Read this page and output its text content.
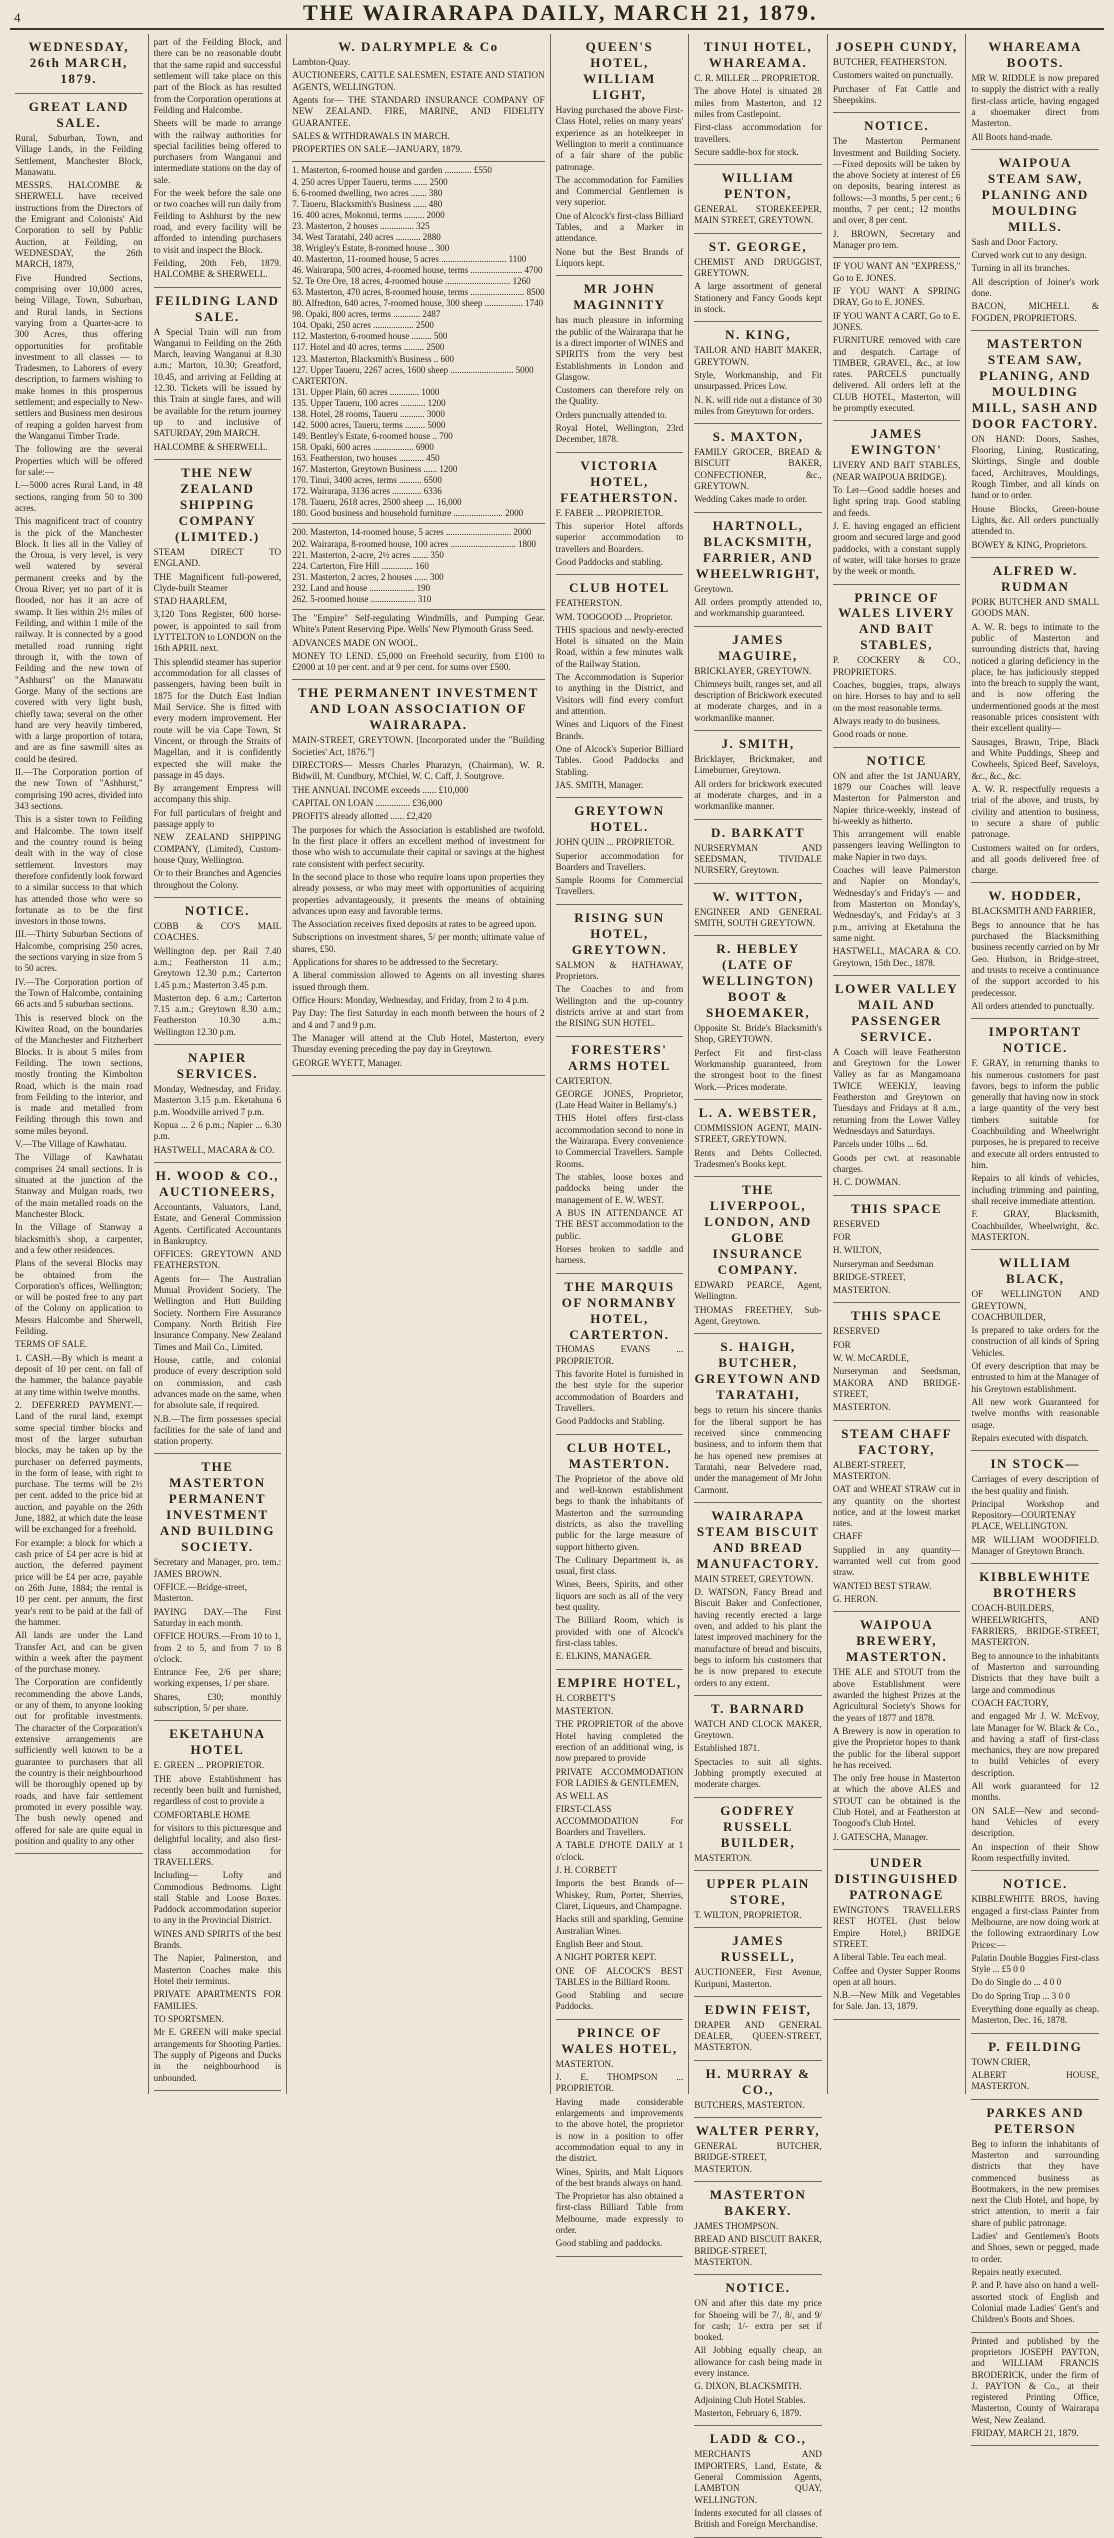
4	THE WAIRARAPA DAILY, MARCH 21, 1879.
WEDNESDAY, 26th MARCH, 1879.
GREAT LAND SALE.

Rural, Suburban, Town, and Village Lands, in the Feilding Settlement, Manchester Block, Manawatu.

MESSRS. HALCOMBE & SHERWELL have received instructions from the Directors of the Emigrant and Colonists' Aid Corporation to sell by Public Auction, at Feilding, on WEDNESDAY, the 26th MARCH, 1879,

Five Hundred Sections, comprising over 10,000 acres, being Village, Town, Suburban, and Rural lands, in Sections varying from a Quarter-acre to 300 Acres, thus offering opportunities for profitable investment to all classes — to Tradesmen, to Laborers of every description, to farmers wishing to make homes in this prosperous settlement; and especially to New-settlers and Business men desirous of reaping a golden harvest from the Wanganui Timber Trade.

The following are the several Properties which will be offered for sale:—

I.—5000 acres Rural Land, in 48 sections, ranging from 50 to 300 acres.

This magnificent tract of country is the pick of the Manchester Block. It lies all in the Valley of the Oroua, is very level, is very well watered by several permanent creeks and by the Oroua River; yet no part of it is flooded, nor has it an acre of swamp. It lies within 2½ miles of Feilding, and within 1 mile of the railway. It is connected by a good metalled road running right through it, with the town of Feilding and the new town of "Ashhurst" on the Manawatu Gorge. Many of the sections are covered with very light bush, chiefly tawa; several on the other hand are very heavily timbered, with a large proportion of totara, and are as fine sawmill sites as could be desired.

II.—The Corporation portion of the new Town of "Ashhurst," comprising 190 acres, divided into 343 sections.

This is a sister town to Feilding and Halcombe. The town itself and the country round is being dealt with in the way of close settlement. Investors may therefore confidently look forward to a similar success to that which has attended those who were so fortunate as to be the first investors in those towns.

III.—Thirty Suburban Sections of Halcombe, comprising 250 acres, the sections varying in size from 5 to 50 acres.

IV.—The Corporation portion of the Town of Halcombe, containing 66 acts and 5 suburban sections.

This is reserved block on the Kiwitea Road, on the boundaries of the Manchester and Fitzherbert Blocks. It is about 5 miles from Feilding. The town sections, mostly fronting the Kimbolton Road, which is the main road from Feilding to the interior, and is made and metalled from Feilding through this town and some miles beyond.

V.—The Village of Kawhatau.

The Village of Kawhatau comprises 24 small sections. It is situated at the junction of the Stanway and Mulgan roads, two of the main metalled roads on the Manchester Block.

In the Village of Stanway a blacksmith's shop, a carpenter, and a few other residences.

Plans of the several Blocks may be obtained from the Corporation's offices, Wellington; or will be posted free to any part of the Colony on application to Messrs Halcombe and Sherwell, Feilding.

TERMS OF SALE.

1. CASH.—By which is meant a deposit of 10 per cent. on fall of the hammer, the balance payable at any time within twelve months.

2. DEFERRED PAYMENT.—Land of the rural land, exempt some special timber blocks and most of the larger suburban blocks, may be taken up by the purchaser on deferred payments, in the form of lease, with right to purchase. The terms will be 2½ per cent. added to the price bid at auction, and payable on the 26th June, 1882, at which date the lease will be exchanged for a freehold.

For example: a block for which a cash price of £4 per acre is bid at auction, the deferred payment price will be £4 per acre, payable on 26th June, 1884; the rental is 10 per cent. per annum, the first year's rent to be paid at the fall of the hammer.

All lands are under the Land Transfer Act, and can be given within a week after the payment of the purchase money.

The Corporation are confidently recommending the above Lands, or any of them, to anyone looking out for profitable investments. The character of the Corporation's extensive arrangements are sufficiently well known to be a guarantee to purchasers that all the country is their neighbourhood will be thoroughly opened up by roads, and have fair settlement promoted in every possible way. The bush newly opened and offered for sale are quite equal in position and quality to any other

part of the Feilding Block, and there can be no reasonable doubt that the same rapid and successful settlement will take place on this part of the Block as has resulted from the Corporation operations at Feilding and Halcombe.

Sheets will be made to arrange with the railway authorities for special facilities being offered to purchasers from Wanganui and intermediate stations on the day of sale.

For the week before the sale one or two coaches will run daily from Feilding to Ashhurst by the new road, and every facility will be afforded to intending purchasers to visit and inspect the Block.

Feilding, 20th Feb, 1879. HALCOMBE & SHERWELL.

FEILDING LAND SALE.

A Special Train will run from Wanganui to Feilding on the 26th March, leaving Wanganui at 8.30 a.m.; Marton, 10.30; Greatford, 10.45, and arriving at Feilding at 12.30. Tickets will be issued by this Train at single fares, and will be available for the return journey up to and inclusive of SATURDAY, 29th MARCH.

HALCOMBE & SHERWELL.

THE NEW ZEALAND SHIPPING COMPANY (LIMITED.)

STEAM DIRECT TO ENGLAND.

THE Magnificent full-powered, Clyde-built Steamer

STAD HAARLEM,

3,120 Tons Register, 600 horse-power, is appointed to sail from LYTTELTON to LONDON on the 16th APRIL next.

This splendid steamer has superior accommodation for all classes of passengers, having been built in 1875 for the Dutch East Indian Mail Service. She is fitted with every modern improvement. Her route will be via Cape Town, St Vincent, or through the Straits of Magellan, and it is confidently expected she will make the passage in 45 days.

By arrangement Empress will accompany this ship.

For full particulars of freight and passage apply to

NEW ZEALAND SHIPPING COMPANY, (Limited), Custom-house Quay, Wellington.

Or to their Branches and Agencies throughout the Colony.

NOTICE.

COBB & CO'S MAIL COACHES.

Wellington dep. per Rail 7.40 a.m.; Featherston 11 a.m.; Greytown 12.30 p.m.; Carterton 1.45 p.m.; Masterton 3.45 p.m.

Masterton dep. 6 a.m.; Carterton 7.15 a.m.; Greytown 8.30 a.m.; Featherston 10.30 a.m.; Wellington 12.30 p.m.

NAPIER SERVICES.

Monday, Wednesday, and Friday. Masterton 3.15 p.m. Eketahuna 6 p.m. Woodville arrived 7 p.m.

Kopua ... 2 6 p.m.; Napier ... 6.30 p.m.

HASTWELL, MACARA & CO.

H. WOOD & CO., AUCTIONEERS,

Accountants, Valuators, Land, Estate, and General Commission Agents. Certificated Accountants in Bankruptcy.

OFFICES: GREYTOWN AND FEATHERSTON.

Agents for— The Australian Mutual Provident Society. The Wellington and Hutt Building Society. Northern Fire Assurance Company. North British Fire Insurance Company. New Zealand Times and Mail Co., Limited.

House, cattle, and colonial produce of every description sold on commission, and cash advances made on the same, when for absolute sale, if required.

N.B.—The firm possesses special facilities for the sale of land and station property.

THE MASTERTON PERMANENT INVESTMENT AND BUILDING SOCIETY.

Secretary and Manager, pro. tem.: JAMES BROWN.

OFFICE.—Bridge-street, Masterton.

PAYING DAY.—The First Saturday in each month.

OFFICE HOURS.—From 10 to 1, from 2 to 5, and from 7 to 8 o'clock.

Entrance Fee, 2/6 per share; working expenses, 1/ per share.

Shares, £30; monthly subscription, 5/ per share.

EKETAHUNA HOTEL

E. GREEN ... PROPRIETOR.

THE above Establishment has recently been built and furnished, regardless of cost to provide a

COMFORTABLE HOME

for visitors to this picturesque and delightful locality, and also first-class accommodation for TRAVELLERS.

Including— Lofty and Commodious Bedrooms. Light stall Stable and Loose Boxes. Paddock accommodation superior to any in the Provincial District.

WINES AND SPIRITS of the best Brands.

The Napier, Palmerston, and Masterton Coaches make this Hotel their terminus.

PRIVATE APARTMENTS FOR FAMILIES.

TO SPORTSMEN.

Mr E. GREEN will make special arrangements for Shooting Parties. The supply of Pigeons and Ducks in the neighbourhood is unbounded.

W. DALRYMPLE & Co

Lambton-Quay.

AUCTIONEERS, CATTLE SALESMEN, ESTATE AND STATION AGENTS, WELLINGTON.

Agents for— THE STANDARD INSURANCE COMPANY OF NEW ZEALAND. FIRE, MARINE, AND FIDELITY GUARANTEE.

SALES & WITHDRAWALS IN MARCH.

PROPERTIES ON SALE—JANUARY, 1879.

1. Masterton, 6-roomed house and garden ............ £550
4. 250 acres Upper Taueru, terms ...... 2500
6. 6-roomed dwelling, two acres ....... 380
7. Taueru, Blacksmith's Business ...... 480
16. 400 acres, Mokonui, terms ......... 2000
23. Masterton, 2 houses ............... 325
34. West Taratahi, 240 acres ........... 2880
38. Wrigley's Estate, 8-roomed house .. 300
40. Masterton, 11-roomed house, 5 acres ............................. 1100
46. Wairarapa, 500 acres, 4-roomed house, terms ....................... 4700
52. Te Ore Ore, 18 acres, 4-roomed house ............................. 1260
63. Masterton, 470 acres, 8-roomed house, terms ........................ 8500
80. Alfredton, 640 acres, 7-roomed house, 300 sheep ................. 1740
98. Opaki, 800 acres, terms ............ 2487
104. Opaki, 250 acres .................. 2500
112. Masterton, 6-roomed house ......... 500
117. Hotel and 40 acres, terms ......... 2500
123. Masterton, Blacksmith's Business .. 600
127. Upper Taueru, 2267 acres, 1600 sheep ............................ 5000
CARTERTON.
131. Upper Plain, 60 acres ............. 1000
135. Upper Taueru, 100 acres ........... 1200
138. Hotel, 28 rooms, Taueru ........... 3000
142. 5000 acres, Taueru, terms ......... 5000
149. Bentley's Estate, 6-roomed house .. 700
158. Opaki, 600 acres .................. 6900
163. Featherston, two houses ........... 450
167. Masterton, Greytown Business ...... 1200
170. Tinui, 3400 acres, terms .......... 6500
172. Wairarapa, 3136 acres ............. 6336
178. Taueru, 2618 acres, 2500 sheep .... 16,000
180. Good business and household furniture ...................... 2000
200. Masterton, 14-roomed house, 5 acres ............................. 2000
202. Wairarapa, 8-roomed house, 100 acres ............................. 1800
221. Masterton, 2-acre, 2½ acres ....... 350
224. Carterton, Fire Hill .............. 160
231. Masterton, 2 acres, 2 houses ...... 300
232. Land and house .................... 190
262. 5-roomed house .................... 310

The "Empire" Self-regulating Windmills, and Pumping Gear. White's Patent Reserving Pipe. Wells' New Plymouth Grass Seed.

ADVANCES MADE ON WOOL.

MONEY TO LEND. £5,000 on Freehold security, from £100 to £2000 at 10 per cent. and at 9 per cent. for sums over £500.

THE PERMANENT INVESTMENT AND LOAN ASSOCIATION OF WAIRARAPA.

MAIN-STREET, GREYTOWN. [Incorporated under the "Building Societies' Act, 1876."]

DIRECTORS— Messrs Charles Pharazyn, (Chairman), W. R. Bidwill, M. Cundbury, M'Chiel, W. C. Caff, J. Soutgrove.

THE ANNUAL INCOME exceeds ...... £10,000

CAPITAL ON LOAN ............... £36,000

PROFITS already allotted ...... £2,420

The purposes for which the Association is established are twofold. In the first place it offers an excellent method of investment for those who wish to accumulate their capital or savings at the highest rate consistent with perfect security.

In the second place to those who require loans upon properties they already possess, or who may meet with opportunities of acquiring properties advantageously, it presents the means of obtaining advances upon easy and favorable terms.

The Association receives fixed deposits at rates to be agreed upon.

Subscriptions on investment shares, 5/ per month; ultimate value of shares, £50.

Applications for shares to be addressed to the Secretary.

A liberal commission allowed to Agents on all investing shares issued through them.

Office Hours: Monday, Wednesday, and Friday, from 2 to 4 p.m.

Pay Day: The first Saturday in each month between the hours of 2 and 4 and 7 and 9 p.m.

The Manager will attend at the Club Hotel, Masterton, every Thursday evening preceding the pay day in Greytown.

GEORGE WYETT, Manager.

QUEEN'S HOTEL, WILLIAM LIGHT,

Having purchased the above First-Class Hotel, relies on many years' experience as an hotelkeeper in Wellington to merit a continuance of a fair share of the public patronage.

The accommodation for Families and Commercial Gentlemen is very superior.

One of Alcock's first-class Billiard Tables, and a Marker in attendance.

None but the Best Brands of Liquors kept.

MR JOHN MAGINNITY

has much pleasure in informing the public of the Wairarapa that he is a direct importer of WINES and SPIRITS from the very best Establishments in London and Glasgow.

Customers can therefore rely on the Quality.

Orders punctually attended to.

Royal Hotel, Wellington, 23rd December, 1878.

VICTORIA HOTEL, FEATHERSTON.

F. FABER ... PROPRIETOR.

This superior Hotel affords superior accommodation to travellers and Boarders.

Good Paddocks and stabling.

CLUB HOTEL

FEATHERSTON.

WM. TOOGOOD ... Proprietor.

THIS spacious and newly-erected Hotel is situated on the Main Road, within a few minutes walk of the Railway Station.

The Accommodation is Superior to anything in the District, and Visitors will find every comfort and attention.

Wines and Liquors of the Finest Brands.

One of Alcock's Superior Billiard Tables. Good Paddocks and Stabling.

JAS. SMITH, Manager.

GREYTOWN HOTEL.

JOHN QUIN ... PROPRIETOR.

Superior accommodation for Boarders and Travellers.

Sample Rooms for Commercial Travellers.

RISING SUN HOTEL, GREYTOWN.

SALMON & HATHAWAY, Proprietors.

The Coaches to and from Wellington and the up-country districts arrive at and start from the RISING SUN HOTEL.

FORESTERS' ARMS HOTEL

CARTERTON.

GEORGE JONES, Proprietor, (Late Head Waiter in Bellamy's.)

THIS Hotel offers first-class accommodation second to none in the Wairarapa. Every convenience to Commercial Travellers. Sample Rooms.

The stables, loose boxes and paddocks being under the management of E. W. WEST.

A BUS IN ATTENDANCE AT THE BEST accommodation to the public.

Horses broken to saddle and harness.

THE MARQUIS OF NORMANBY HOTEL, CARTERTON.

THOMAS EVANS ... PROPRIETOR.

This favorite Hotel is furnished in the best style for the superior accommodation of Boarders and Travellers.

Good Paddocks and Stabling.

CLUB HOTEL, MASTERTON.

The Proprietor of the above old and well-known establishment begs to thank the inhabitants of Masterton and the surrounding districts, as also the travelling public for the large measure of support hitherto given.

The Culinary Department is, as usual, first class.

Wines, Beers, Spirits, and other liquors are such as all of the very best quality.

The Billiard Room, which is provided with one of Alcock's first-class tables.

E. ELKINS, MANAGER.

EMPIRE HOTEL,

H. CORBETT'S

MASTERTON.

THE PROPRIETOR of the above Hotel having completed the erection of an additional wing, is now prepared to provide

PRIVATE ACCOMMODATION FOR LADIES & GENTLEMEN,

AS WELL AS

FIRST-CLASS ACCOMMODATION For Boarders and Travellers.

A TABLE D'HOTE DAILY at 1 o'clock.

J. H. CORBETT

Imports the best Brands of— Whiskey, Rum, Porter, Sherries, Claret, Liqueurs, and Champagne.

Hacks still and sparkling, Genuine Australian Wines.

English Beer and Stout.

A NIGHT PORTER KEPT.

ONE OF ALCOCK'S BEST TABLES in the Billiard Room.

Good Stabling and secure Paddocks.

PRINCE OF WALES HOTEL,

MASTERTON.

J. E. THOMPSON ... PROPRIETOR.

Having made considerable enlargements and improvements to the above hotel, the proprietor is now in a position to offer accommodation equal to any in the district.

Wines, Spirits, and Malt Liquors of the best brands always on hand.

The Proprietor has also obtained a first-class Billiard Table from Melbourne, made expressly to order.

Good stabling and paddocks.

TINUI HOTEL, WHAREAMA.

C. R. MILLER ... PROPRIETOR.

The above Hotel is situated 28 miles from Masterton, and 12 miles from Castlepoint.

First-class accommodation for travellers.

Secure saddle-box for stock.

WILLIAM PENTON,

GENERAL STOREKEEPER, MAIN STREET, GREYTOWN.

ST. GEORGE,

CHEMIST AND DRUGGIST, GREYTOWN.

A large assortment of general Stationery and Fancy Goods kept in stock.

N. KING,

TAILOR AND HABIT MAKER, GREYTOWN.

Style, Workmanship, and Fit unsurpassed. Prices Low.

N. K. will ride out a distance of 30 miles from Greytown for orders.

S. MAXTON,

FAMILY GROCER, BREAD & BISCUIT BAKER, CONFECTIONER, &c., GREYTOWN.

Wedding Cakes made to order.

HARTNOLL, BLACKSMITH, FARRIER, AND WHEELWRIGHT,

Greytown.

All orders promptly attended to, and workmanship guaranteed.

JAMES MAGUIRE,

BRICKLAYER, GREYTOWN.

Chimneys built, ranges set, and all description of Brickwork executed at moderate charges, and in a workmanlike manner.

J. SMITH,

Bricklayer, Brickmaker, and Limeburner, Greytown.

All orders for brickwork executed at moderate charges, and in a workmanlike manner.

D. BARKATT

NURSERYMAN AND SEEDSMAN, TIVIDALE NURSERY, Greytown.

W. WITTON,

ENGINEER AND GENERAL SMITH, SOUTH GREYTOWN.

R. HEBLEY (LATE OF WELLINGTON) BOOT & SHOEMAKER,

Opposite St. Bride's Blacksmith's Shop, GREYTOWN.

Perfect Fit and first-class Workmanship guaranteed, from the strongest boot to the finest Work.—Prices moderate.

L. A. WEBSTER,

COMMISSION AGENT, MAIN-STREET, GREYTOWN.

Rents and Debts Collected. Tradesmen's Books kept.

THE LIVERPOOL, LONDON, AND GLOBE INSURANCE COMPANY.

EDWARD PEARCE, Agent, Wellington.

THOMAS FREETHEY, Sub-Agent, Greytown.

S. HAIGH, BUTCHER, GREYTOWN AND TARATAHI,

begs to return his sincere thanks for the liberal support he has received since commencing business, and to inform them that he has opened new premises at Taratahi, near Belvedere road, under the management of Mr John Carmont.

WAIRARAPA STEAM BISCUIT AND BREAD MANUFACTORY.

MAIN STREET, GREYTOWN.

D. WATSON, Fancy Bread and Biscuit Baker and Confectioner, having recently erected a large oven, and added to his plant the latest improved machinery for the manufacture of bread and biscuits, begs to inform his customers that he is now prepared to execute orders to any extent.

T. BARNARD

WATCH AND CLOCK MAKER, Greytown.

Established 1871.

Spectacles to suit all sights. Jobbing promptly executed at moderate charges.

GODFREY RUSSELL BUILDER,

MASTERTON.

UPPER PLAIN STORE,

T. WILTON, PROPRIETOR.

JAMES RUSSELL,

AUCTIONEER, First Avenue, Kuripuni, Masterton.

EDWIN FEIST,

DRAPER AND GENERAL DEALER, QUEEN-STREET, MASTERTON.

H. MURRAY & CO.,

BUTCHERS, MASTERTON.

WALTER PERRY,

GENERAL BUTCHER, BRIDGE-STREET, MASTERTON.

MASTERTON BAKERY.

JAMES THOMPSON.

BREAD AND BISCUIT BAKER, BRIDGE-STREET, MASTERTON.

NOTICE.

ON and after this date my price for Shoeing will be 7/, 8/, and 9/ for cash; 1/- extra per set if booked.

All Jobbing equally cheap, an allowance for cash being made in every instance.

G. DIXON, BLACKSMITH.

Adjoining Club Hotel Stables.

Masterton, February 6, 1879.

LADD & CO.,

MERCHANTS AND IMPORTERS, Land, Estate, & General Commission Agents, LAMBTON QUAY, WELLINGTON.

Indents executed for all classes of British and Foreign Merchandise.

JOSEPH CUNDY,

BUTCHER, FEATHERSTON.

Customers waited on punctually.

Purchaser of Fat Cattle and Sheepskins.

NOTICE.

The Masterton Permanent Investment and Building Society.—Fixed deposits will be taken by the above Society at interest of £6 on deposits, bearing interest as follows:—3 months, 5 per cent.; 6 months, 7 per cent.; 12 months and over, 8 per cent.

J. BROWN, Secretary and Manager pro tem.

IF YOU WANT AN "EXPRESS," Go to E. JONES.

IF YOU WANT A SPRING DRAY, Go to E. JONES.

IF YOU WANT A CART, Go to E. JONES.

FURNITURE removed with care and despatch. Cartage of TIMBER, GRAVEL, &c., at low rates. PARCELS punctually delivered. All orders left at the CLUB HOTEL, Masterton, will be promptly executed.

JAMES EWINGTON'

LIVERY AND BAIT STABLES, (NEAR WAIPOUA BRIDGE).

To Let—Good saddle horses and light spring trap. Good stabling and feeds.

J. E. having engaged an efficient groom and secured large and good paddocks, with a constant supply of water, will take horses to graze by the week or month.

PRINCE OF WALES LIVERY AND BAIT STABLES,

P. COCKERY & CO., PROPRIETORS.

Coaches, buggies, traps, always on hire. Horses to bay and to sell on the most reasonable terms.

Always ready to do business.

Good roads or none.

NOTICE

ON and after the 1st JANUARY, 1879 our Coaches will leave Masterton for Palmerston and Napier thrice-weekly, instead of bi-weekly as hitherto.

This arrangement will enable passengers leaving Wellington to make Napier in two days.

Coaches will leave Palmerston and Napier on Monday's, Wednesday's and Friday's — and from Masterton on Monday's, Wednesday's, and Friday's at 3 p.m., arriving at Eketahuna the same night.

HASTWELL, MACARA & CO. Greytown, 15th Dec., 1878.

LOWER VALLEY MAIL AND PASSENGER SERVICE.

A Coach will leave Featherston and Greytown for the Lower Valley as far as Mangamoana TWICE WEEKLY, leaving Featherston and Greytown on Tuesdays and Fridays at 8 a.m., returning from the Lower Valley Wednesdays and Saturdays.

Parcels under 10lbs ... 6d.

Goods per cwt. at reasonable charges.

H. C. DOWMAN.

THIS SPACE

RESERVED

FOR

H. WILTON,

Nurseryman and Seedsman

BRIDGE-STREET,

MASTERTON.

THIS SPACE

RESERVED

FOR

W. W. McCARDLE,

Nurseryman and Seedsman, MAKORA AND BRIDGE-STREET,

MASTERTON.

STEAM CHAFF FACTORY,

ALBERT-STREET, MASTERTON.

OAT and WHEAT STRAW cut in any quantity on the shortest notice, and at the lowest market rates.

CHAFF

Supplied in any quantity—warranted well cut from good straw.

WANTED BEST STRAW.

G. HERON.

WAIPOUA BREWERY, MASTERTON.

THE ALE and STOUT from the above Establishment were awarded the highest Prizes at the Agricultural Society's Shows for the years of 1877 and 1878.

A Brewery is now in operation to give the Proprietor hopes to thank the public for the liberal support he has received.

The only free house in Masterton at which the above ALES and STOUT can be obtained is the Club Hotel, and at Featherston at Toogood's Club Hotel.

J. GATESCHA, Manager.

UNDER DISTINGUISHED PATRONAGE

EWINGTON'S TRAVELLERS REST HOTEL (Just below Empire Hotel,) BRIDGE STREET.

A liberal Table. Tea each meal.

Coffee and Oyster Supper Rooms open at all hours.

N.B.—New Milk and Vegetables for Sale. Jan. 13, 1879.

WHAREAMA BOOTS.

MR W. RIDDLE is now prepared to supply the district with a really first-class article, having engaged a shoemaker direct from Masterton.

All Boots hand-made.

WAIPOUA STEAM SAW, PLANING AND MOULDING MILLS.

Sash and Door Factory.

Curved work cut to any design.

Turning in all its branches.

All description of Joiner's work done.

BACON, MICHELL & FOGDEN, PROPRIETORS.

MASTERTON STEAM SAW, PLANING, AND MOULDING MILL, SASH AND DOOR FACTORY.

ON HAND: Doors, Sashes, Flooring, Lining, Rusticating, Skirtings, Single and double faced, Architraves, Mouldings, Rough Timber, and all kinds on hand or to order.

House Blocks, Green-house Lights, &c. All orders punctually attended to.

BOWEY & KING, Proprietors.

ALFRED W. RUDMAN

PORK BUTCHER AND SMALL GOODS MAN.

A. W. R. begs to intimate to the public of Masterton and surrounding districts that, having noticed a glaring deficiency in the place, he has judiciously stepped into the breach to supply the want, and is now offering the undermentioned goods at the most reasonable prices consistent with their excellent quality—

Sausages, Brawn, Tripe, Black and White Puddings, Sheep and Cowheels, Spiced Beef, Saveloys, &c., &c., &c.

A. W. R. respectfully requests a trial of the above, and trusts, by civility and attention to business, to secure a share of public patronage.

Customers waited on for orders, and all goods delivered free of charge.

W. HODDER,

BLACKSMITH AND FARRIER,

Begs to announce that he has purchased the Blacksmithing business recently carried on by Mr Geo. Hudson, in Bridge-street, and trusts to receive a continuance of the support accorded to his predecessor.

All orders attended to punctually.

IMPORTANT NOTICE.

F. GRAY, in returning thanks to his numerous customers for past favors, begs to inform the public generally that having now in stock a large quantity of the very best timbers suitable for Coachbuilding and Wheelwright purposes, he is prepared to receive and execute all orders entrusted to him.

Repairs to all kinds of vehicles, including trimming and painting, shall receive immediate attention.

F. GRAY, Blacksmith, Coachbuilder, Wheelwright, &c. MASTERTON.

WILLIAM BLACK,

OF WELLINGTON AND GREYTOWN, COACHBUILDER,

Is prepared to take orders for the construction of all kinds of Spring Vehicles.

Of every description that may be entrusted to him at the Manager of his Greytown establishment.

All new work Guaranteed for twelve months with reasonable usage.

Repairs executed with dispatch.

IN STOCK—

Carriages of every description of the best quality and finish.

Principal Workshop and Repository—COURTENAY PLACE, WELLINGTON.

MR WILLIAM WOODFIELD. Manager of Greytown Branch.

KIBBLEWHITE BROTHERS

COACH-BUILDERS, WHEELWRIGHTS, AND FARRIERS, BRIDGE-STREET, MASTERTON.

Beg to announce to the inhabitants of Masterton and surrounding Districts that they have built a large and commodious

COACH FACTORY,

and engaged Mr J. W. McEvoy, late Manager for W. Black & Co., and having a staff of first-class mechanics, they are now prepared to build Vehicles of every description.

All work guaranteed for 12 months.

ON SALE—New and second-hand Vehicles of every description.

An inspection of their Show Room respectfully invited.

NOTICE.

KIBBLEWHITE BROS, having engaged a first-class Painter from Melbourne, are now doing work at the following extraordinary Low Prices:—

Palatin Double Buggies First-class Style ... £5 0 0

Do do Single do ... 4 0 0

Do do Spring Trap ... 3 0 0

Everything done equally as cheap. Masterton, Dec. 16, 1878.

P. FEILDING

TOWN CRIER,

ALBERT HOUSE, MASTERTON.

PARKES AND PETERSON

Beg to inform the inhabitants of Masterton and surrounding districts that they have commenced business as Bootmakers, in the new premises next the Club Hotel, and hope, by strict attention, to merit a fair share of public patronage.

Ladies' and Gentlemen's Boots and Shoes, sewn or pegged, made to order.

Repairs neatly executed.

P. and P. have also on hand a well-assorted stock of English and Colonial made Ladies' Gent's and Children's Boots and Shoes.

Printed and published by the proprietors JOSEPH PAYTON, and WILLIAM FRANCIS BRODERICK, under the firm of J. PAYTON & Co., at their registered Printing Office, Masterton, County of Wairarapa West, New Zealand.

FRIDAY, MARCH 21, 1879.
